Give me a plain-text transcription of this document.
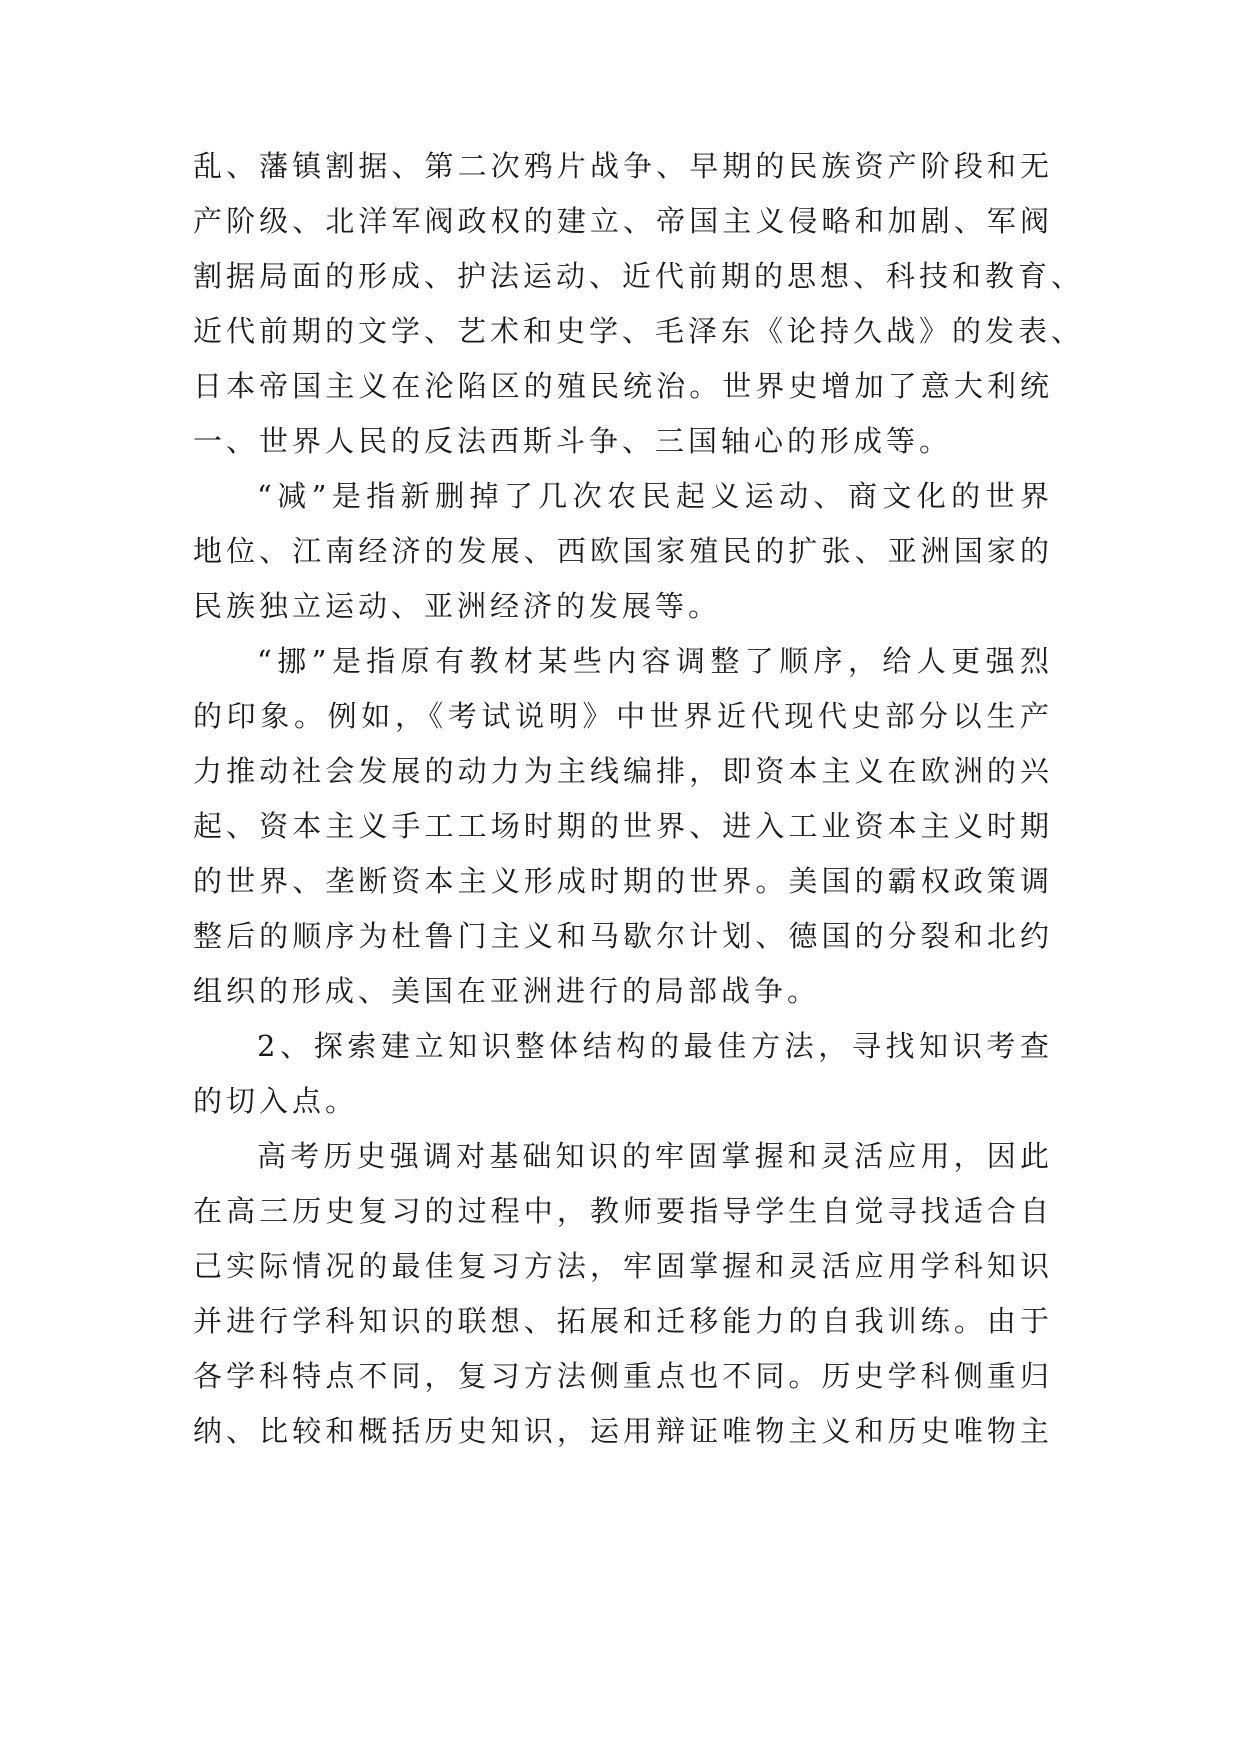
乱、藩镇割据、第二次鸦片战争、早期的民族资产阶段和无
产阶级、北洋军阀政权的建立、帝国主义侵略和加剧、军阀
割据局面的形成、护法运动、近代前期的思想、科技和教育、
近代前期的文学、艺术和史学、毛泽东《论持久战》的发表、
日本帝国主义在沦陷区的殖民统治。世界史增加了意大利统
一、世界人民的反法西斯斗争、三国轴心的形成等。
“减”是指新删掉了几次农民起义运动、商文化的世界
地位、江南经济的发展、西欧国家殖民的扩张、亚洲国家的
民族独立运动、亚洲经济的发展等。
“挪”是指原有教材某些内容调整了顺序，给人更强烈
的印象。例如，《考试说明》中世界近代现代史部分以生产
力推动社会发展的动力为主线编排，即资本主义在欧洲的兴
起、资本主义手工工场时期的世界、进入工业资本主义时期
的世界、垄断资本主义形成时期的世界。美国的霸权政策调
整后的顺序为杜鲁门主义和马歇尔计划、德国的分裂和北约
组织的形成、美国在亚洲进行的局部战争。
2、探索建立知识整体结构的最佳方法，寻找知识考查
的切入点。
高考历史强调对基础知识的牢固掌握和灵活应用，因此
在高三历史复习的过程中，教师要指导学生自觉寻找适合自
己实际情况的最佳复习方法，牢固掌握和灵活应用学科知识
并进行学科知识的联想、拓展和迁移能力的自我训练。由于
各学科特点不同，复习方法侧重点也不同。历史学科侧重归
纳、比较和概括历史知识，运用辩证唯物主义和历史唯物主
